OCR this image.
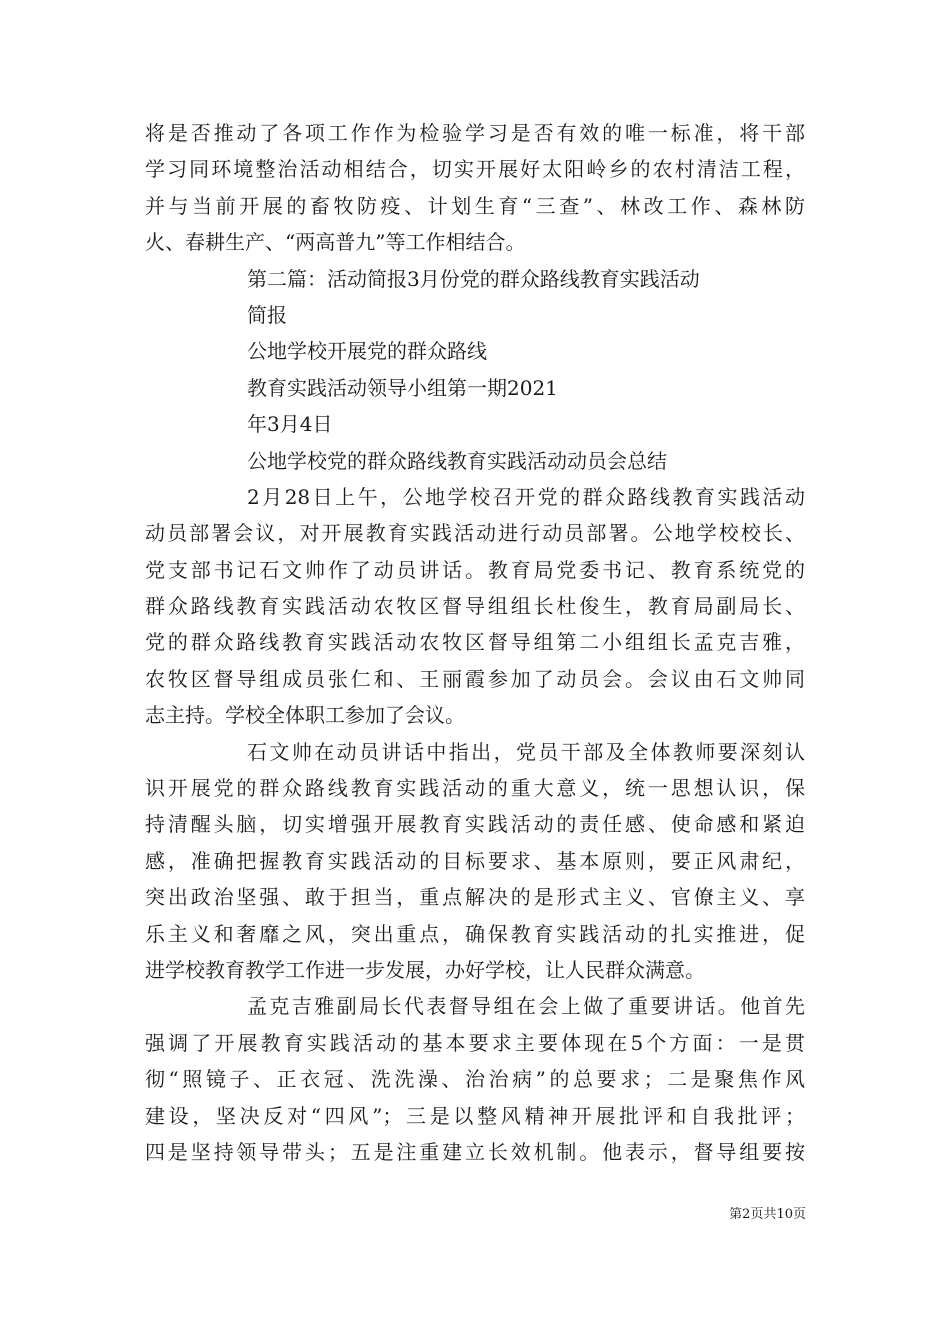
将是否推动了各项工作作为检验学习是否有效的唯一标准，将干部
学习同环境整治活动相结合，切实开展好太阳岭乡的农村清洁工程，
并与当前开展的畜牧防疫、计划生育“三查”、林改工作、森林防
火、春耕生产、“两高普九”等工作相结合。
第二篇：活动简报3月份党的群众路线教育实践活动
简报
公地学校开展党的群众路线
教育实践活动领导小组第一期2021
年3月4日
公地学校党的群众路线教育实践活动动员会总结
2月28日上午，公地学校召开党的群众路线教育实践活动
动员部署会议，对开展教育实践活动进行动员部署。公地学校校长、
党支部书记石文帅作了动员讲话。教育局党委书记、教育系统党的
群众路线教育实践活动农牧区督导组组长杜俊生，教育局副局长、
党的群众路线教育实践活动农牧区督导组第二小组组长孟克吉雅，
农牧区督导组成员张仁和、王丽霞参加了动员会。会议由石文帅同
志主持。学校全体职工参加了会议。
石文帅在动员讲话中指出，党员干部及全体教师要深刻认
识开展党的群众路线教育实践活动的重大意义，统一思想认识，保
持清醒头脑，切实增强开展教育实践活动的责任感、使命感和紧迫
感，准确把握教育实践活动的目标要求、基本原则，要正风肃纪，
突出政治坚强、敢于担当，重点解决的是形式主义、官僚主义、享
乐主义和奢靡之风，突出重点，确保教育实践活动的扎实推进，促
进学校教育教学工作进一步发展，办好学校，让人民群众满意。
孟克吉雅副局长代表督导组在会上做了重要讲话。他首先
强调了开展教育实践活动的基本要求主要体现在5个方面：一是贯
彻“照镜子、正衣冠、洗洗澡、治治病”的总要求；二是聚焦作风
建设，坚决反对“四风”；三是以整风精神开展批评和自我批评；
四是坚持领导带头；五是注重建立长效机制。他表示，督导组要按
第2页共10页
